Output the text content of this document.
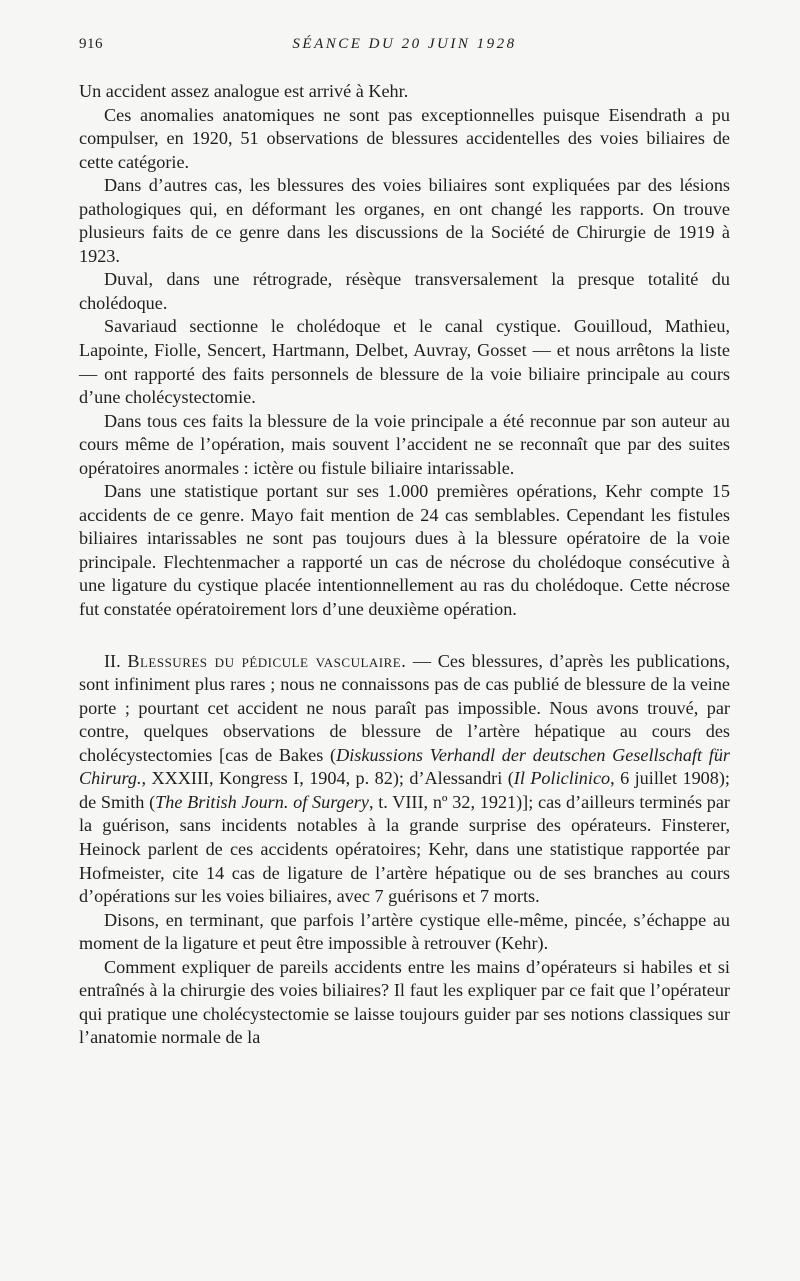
916	SÉANCE DU 20 JUIN 1928

Un accident assez analogue est arrivé à Kehr.

Ces anomalies anatomiques ne sont pas exceptionnelles puisque Eisendrath a pu compulser, en 1920, 51 observations de blessures accidentelles des voies biliaires de cette catégorie.

Dans d’autres cas, les blessures des voies biliaires sont expliquées par des lésions pathologiques qui, en déformant les organes, en ont changé les rapports. On trouve plusieurs faits de ce genre dans les discussions de la Société de Chirurgie de 1919 à 1923.

Duval, dans une rétrograde, résèque transversalement la presque totalité du cholédoque.

Savariaud sectionne le cholédoque et le canal cystique. Gouilloud, Mathieu, Lapointe, Fiolle, Sencert, Hartmann, Delbet, Auvray, Gosset — et nous arrêtons la liste — ont rapporté des faits personnels de blessure de la voie biliaire principale au cours d’une cholécystectomie.

Dans tous ces faits la blessure de la voie principale a été reconnue par son auteur au cours même de l’opération, mais souvent l’accident ne se reconnaît que par des suites opératoires anormales : ictère ou fistule biliaire intarissable.

Dans une statistique portant sur ses 1.000 premières opérations, Kehr compte 15 accidents de ce genre. Mayo fait mention de 24 cas semblables. Cependant les fistules biliaires intarissables ne sont pas toujours dues à la blessure opératoire de la voie principale. Flechtenmacher a rapporté un cas de nécrose du cholédoque consécutive à une ligature du cystique placée intentionnellement au ras du cholédoque. Cette nécrose fut constatée opératoirement lors d’une deuxième opération.

II. Blessures du pédicule vasculaire. — Ces blessures, d’après les publications, sont infiniment plus rares ; nous ne connaissons pas de cas publié de blessure de la veine porte ; pourtant cet accident ne nous paraît pas impossible. Nous avons trouvé, par contre, quelques observations de blessure de l’artère hépatique au cours des cholécystectomies [cas de Bakes (Diskussions Verhandl der deutschen Gesellschaft für Chirurg., XXXIII, Kongress I, 1904, p. 82); d’Alessandri (Il Policlinico, 6 juillet 1908); de Smith (The British Journ. of Surgery, t. VIII, nº 32, 1921)]; cas d’ailleurs terminés par la guérison, sans incidents notables à la grande surprise des opérateurs. Finsterer, Heinock parlent de ces accidents opératoires; Kehr, dans une statistique rapportée par Hofmeister, cite 14 cas de ligature de l’artère hépatique ou de ses branches au cours d’opérations sur les voies biliaires, avec 7 guérisons et 7 morts.

Disons, en terminant, que parfois l’artère cystique elle-même, pincée, s’échappe au moment de la ligature et peut être impossible à retrouver (Kehr).

Comment expliquer de pareils accidents entre les mains d’opérateurs si habiles et si entraînés à la chirurgie des voies biliaires? Il faut les expliquer par ce fait que l’opérateur qui pratique une cholécystectomie se laisse toujours guider par ses notions classiques sur l’anatomie normale de la
